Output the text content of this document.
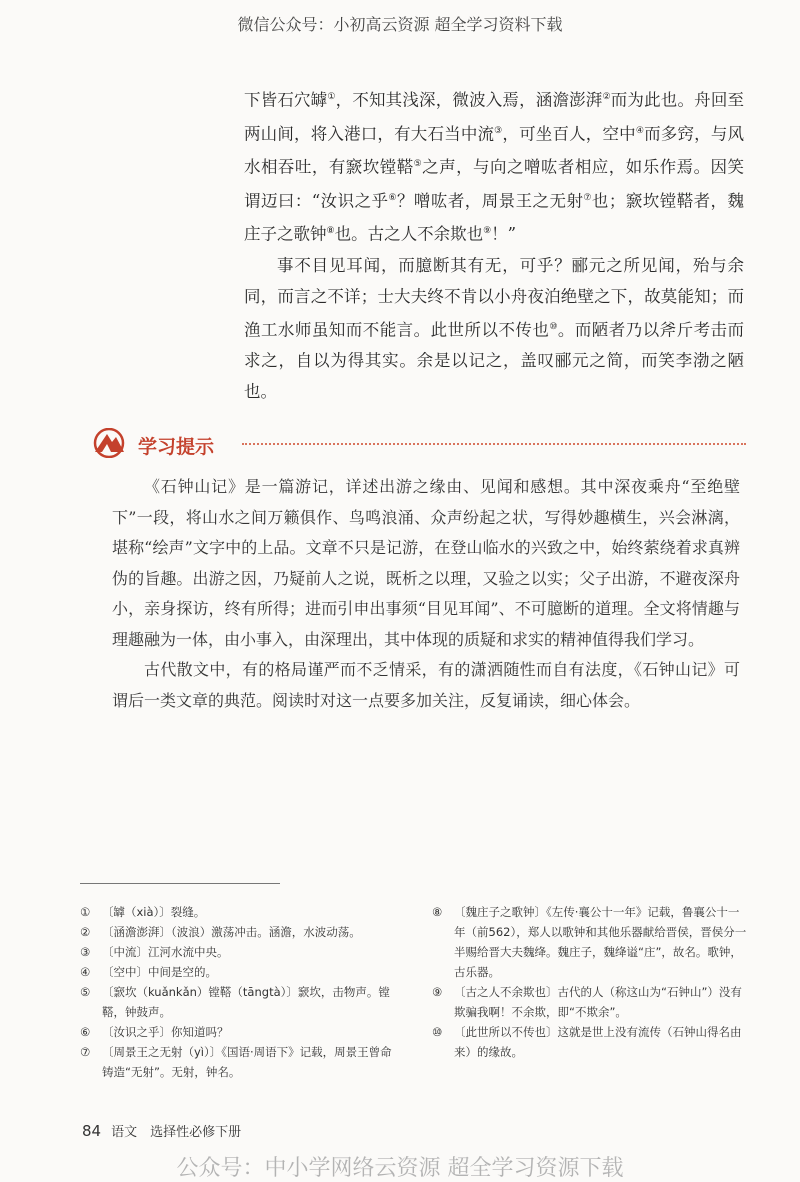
微信公众号：小初高云资源 超全学习资料下载

下皆石穴罅①，不知其浅深，微波入焉，涵澹澎湃②而为此也。舟回至两山间，将入港口，有大石当中流③，可坐百人，空中④而多窍，与风水相吞吐，有窾坎镗鞳⑤之声，与向之噌吰者相应，如乐作焉。因笑谓迈曰：“汝识之乎⑥？噌吰者，周景王之无射⑦也；窾坎镗鞳者，魏庄子之歌钟⑧也。古之人不余欺也⑨！”

事不目见耳闻，而臆断其有无，可乎？郦元之所见闻，殆与余同，而言之不详；士大夫终不肯以小舟夜泊绝壁之下，故莫能知；而渔工水师虽知而不能言。此世所以不传也⑩。而陋者乃以斧斤考击而求之，自以为得其实。余是以记之，盖叹郦元之简，而笑李渤之陋也。

学习提示

《石钟山记》是一篇游记，详述出游之缘由、见闻和感想。其中深夜乘舟“至绝壁下”一段，将山水之间万籁俱作、鸟鸣浪涌、众声纷起之状，写得妙趣横生，兴会淋漓，堪称“绘声”文字中的上品。文章不只是记游，在登山临水的兴致之中，始终萦绕着求真辨伪的旨趣。出游之因，乃疑前人之说，既析之以理，又验之以实；父子出游，不避夜深舟小，亲身探访，终有所得；进而引申出事须“目见耳闻”、不可臆断的道理。全文将情趣与理趣融为一体，由小事入，由深理出，其中体现的质疑和求实的精神值得我们学习。

古代散文中，有的格局谨严而不乏情采，有的潇洒随性而自有法度，《石钟山记》可谓后一类文章的典范。阅读时对这一点要多加关注，反复诵读，细心体会。

①	〔罅（xià）〕裂缝。
②	〔涵澹澎湃〕（波浪）激荡冲击。涵澹，水波动荡。
③	〔中流〕江河水流中央。
④	〔空中〕中间是空的。
⑤	〔窾坎（kuǎnkǎn）镗鞳（tāngtà）〕窾坎，击物声。镗鞳，钟鼓声。
⑥	〔汝识之乎〕你知道吗？
⑦	〔周景王之无射（yì）〕《国语·周语下》记载，周景王曾命铸造“无射”。无射，钟名。
⑧	〔魏庄子之歌钟〕《左传·襄公十一年》记载，鲁襄公十一年（前562），郑人以歌钟和其他乐器献给晋侯，晋侯分一半赐给晋大夫魏绛。魏庄子，魏绛谥“庄”，故名。歌钟，古乐器。
⑨	〔古之人不余欺也〕古代的人（称这山为“石钟山”）没有欺骗我啊！不余欺，即“不欺余”。
⑩	〔此世所以不传也〕这就是世上没有流传（石钟山得名由来）的缘故。
84 语文　选择性必修下册
公众号：中小学网络云资源 超全学习资源下载
